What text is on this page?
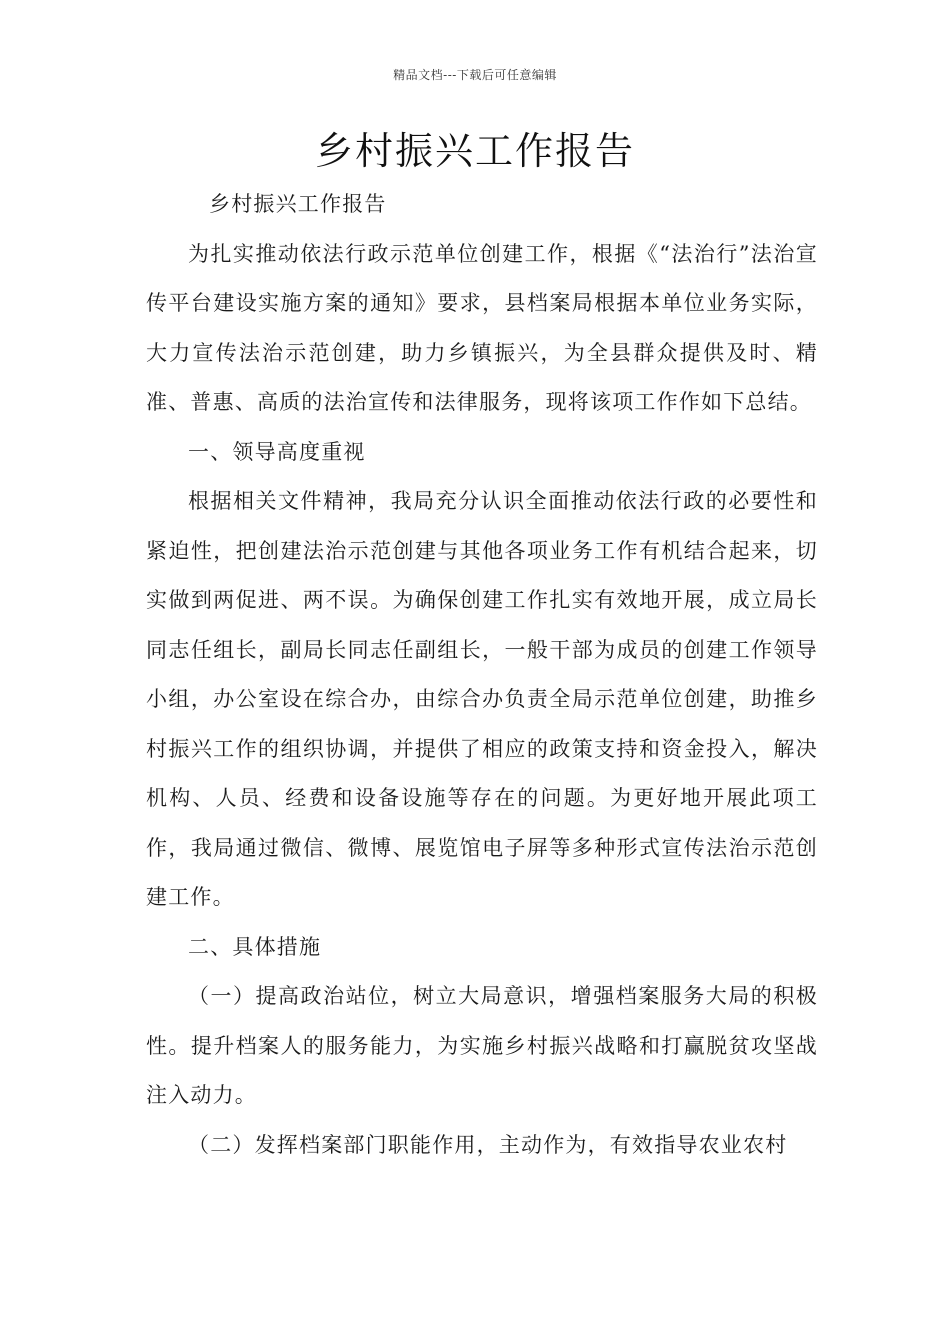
精品文档---下载后可任意编辑
乡村振兴工作报告

乡村振兴工作报告

为扎实推动依法行政示范单位创建工作，根据《“法治行”法治宣传平台建设实施方案的通知》要求，县档案局根据本单位业务实际，大力宣传法治示范创建，助力乡镇振兴，为全县群众提供及时、精准、普惠、高质的法治宣传和法律服务，现将该项工作作如下总结。

一、领导高度重视

根据相关文件精神，我局充分认识全面推动依法行政的必要性和紧迫性，把创建法治示范创建与其他各项业务工作有机结合起来，切实做到两促进、两不误。为确保创建工作扎实有效地开展，成立局长同志任组长，副局长同志任副组长，一般干部为成员的创建工作领导小组，办公室设在综合办，由综合办负责全局示范单位创建，助推乡村振兴工作的组织协调，并提供了相应的政策支持和资金投入，解决机构、人员、经费和设备设施等存在的问题。为更好地开展此项工作，我局通过微信、微博、展览馆电子屏等多种形式宣传法治示范创建工作。

二、具体措施

（一）提高政治站位，树立大局意识，增强档案服务大局的积极性。提升档案人的服务能力，为实施乡村振兴战略和打赢脱贫攻坚战注入动力。

（二）发挥档案部门职能作用，主动作为，有效指导农业农村
